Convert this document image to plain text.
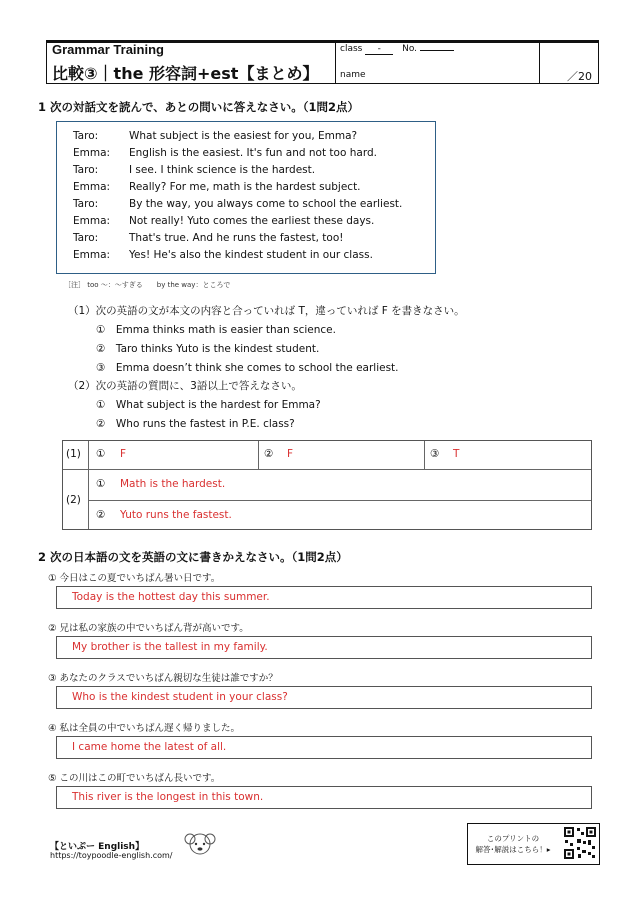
Grammar Training
比較③｜the 形容詞+est【まとめ】
class - No.
name	／20
1 次の対話文を読んで、あとの問いに答えなさい。（1問2点）
Taro:	What subject is the easiest for you, Emma?
Emma: English is the easiest. It's fun and not too hard.
Taro:	I see. I think science is the hardest.
Emma: Really? For me, math is the hardest subject.
Taro:	By the way, you always come to school the earliest.
Emma: Not really! Yuto comes the earliest these days.
Taro:	That's true. And he runs the fastest, too!
Emma: Yes! He's also the kindest student in our class.
［注］ too ～：～すぎる　　by the way：ところで
（1）次の英語の文が本文の内容と合っていれば T，違っていれば F を書きなさい。
①　Emma thinks math is easier than science.
②　Taro thinks Yuto is the kindest student.
③　Emma doesn’t think she comes to school the earliest.
（2）次の英語の質問に、3語以上で答えなさい。
①　What subject is the hardest for Emma?
②　Who runs the fastest in P.E. class?
(1)
(2)
① F	② F	③ T
① Math is the hardest.
② Yuto runs the fastest.
2 次の日本語の文を英語の文に書きかえなさい。（1問2点）
① 今日はこの夏でいちばん暑い日です。
Today is the hottest day this summer.
② 兄は私の家族の中でいちばん背が高いです。
My brother is the tallest in my family.
③ あなたのクラスでいちばん親切な生徒は誰ですか？
Who is the kindest student in your class?
④ 私は全員の中でいちばん遅く帰りました。
I came home the latest of all.
⑤ この川はこの町でいちばん長いです。
This river is the longest in this town.
【といぷー English】
https://toypoodle-english.com/
このプリントの
解答･解説はこちら！▸
